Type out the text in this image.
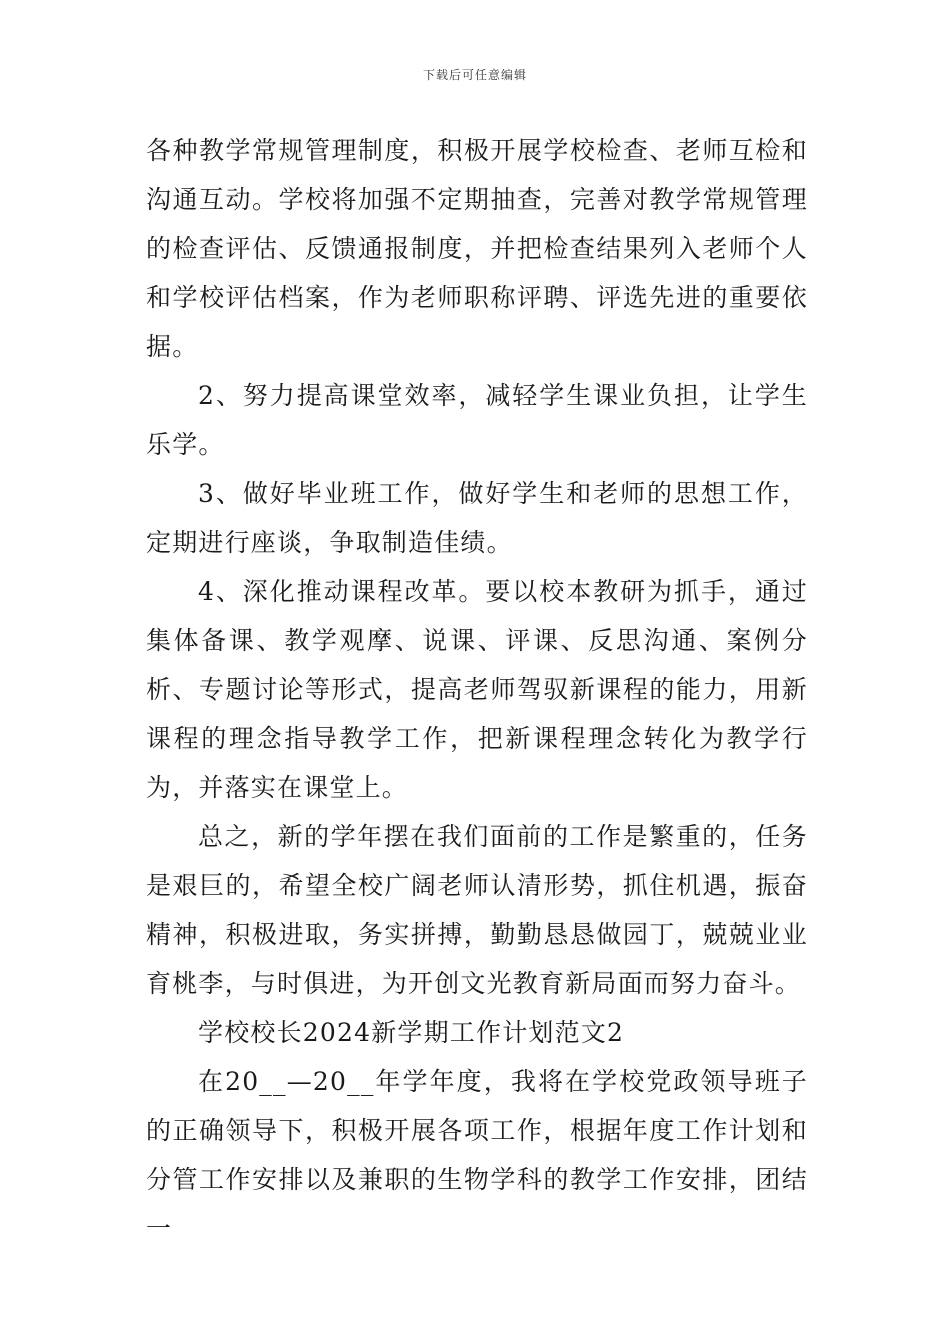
下载后可任意编辑

各种教学常规管理制度，积极开展学校检查、老师互检和沟通互动。学校将加强不定期抽查，完善对教学常规管理的检查评估、反馈通报制度，并把检查结果列入老师个人和学校评估档案，作为老师职称评聘、评选先进的重要依据。

2、努力提高课堂效率，减轻学生课业负担，让学生乐学。

3、做好毕业班工作，做好学生和老师的思想工作，定期进行座谈，争取制造佳绩。

4、深化推动课程改革。要以校本教研为抓手，通过集体备课、教学观摩、说课、评课、反思沟通、案例分析、专题讨论等形式，提高老师驾驭新课程的能力，用新课程的理念指导教学工作，把新课程理念转化为教学行为，并落实在课堂上。

总之，新的学年摆在我们面前的工作是繁重的，任务是艰巨的，希望全校广阔老师认清形势，抓住机遇，振奋精神，积极进取，务实拼搏，勤勤恳恳做园丁，兢兢业业育桃李，与时俱进，为开创文光教育新局面而努力奋斗。

学校校长2024新学期工作计划范文2

在20__—20__年学年度，我将在学校党政领导班子的正确领导下，积极开展各项工作，根据年度工作计划和分管工作安排以及兼职的生物学科的教学工作安排，团结一
